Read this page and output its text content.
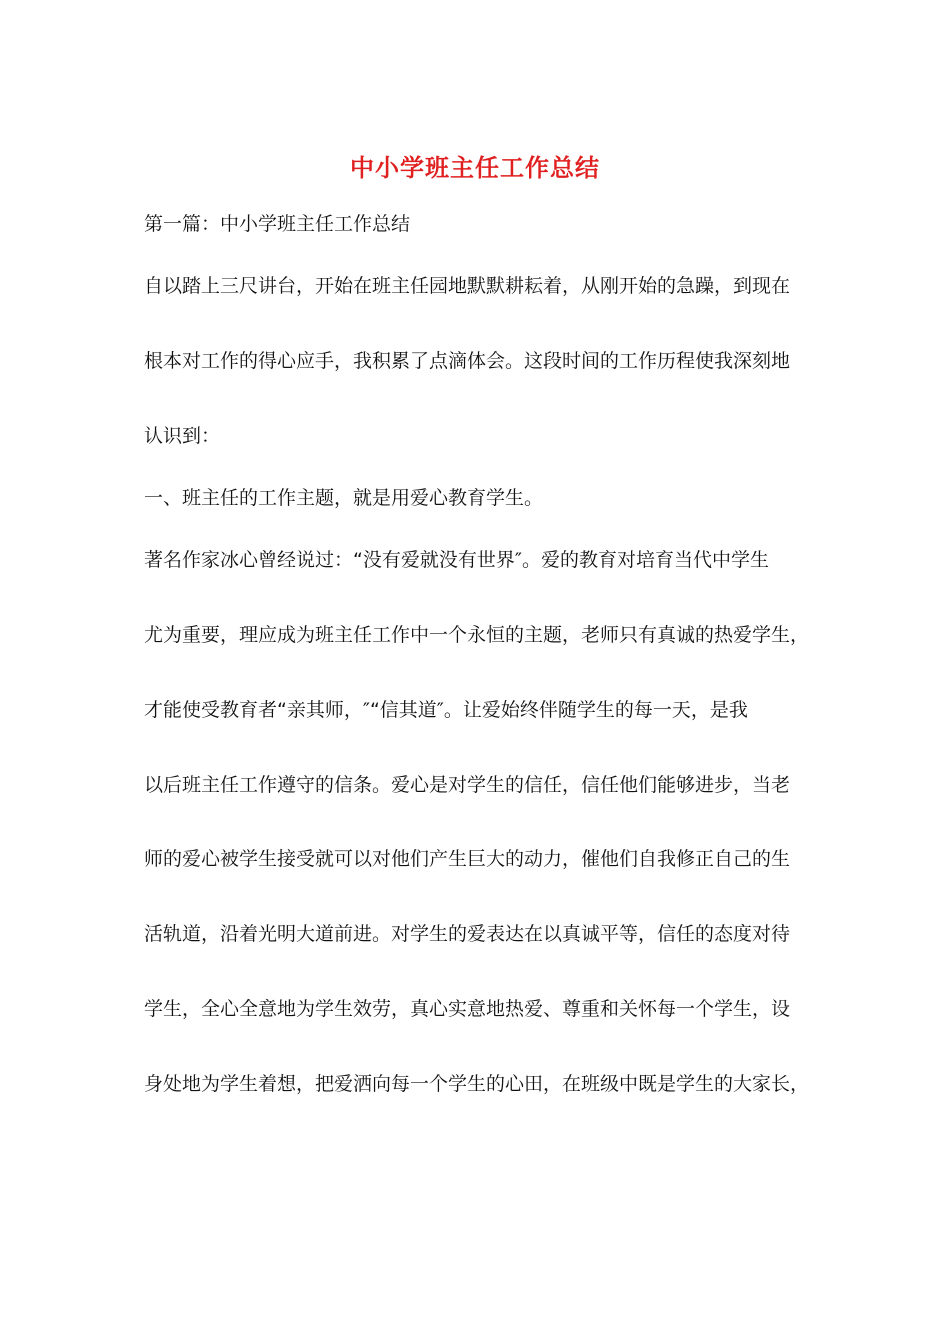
中小学班主任工作总结
第一篇：中小学班主任工作总结
自以踏上三尺讲台，开始在班主任园地默默耕耘着，从刚开始的急躁，到现在
根本对工作的得心应手，我积累了点滴体会。这段时间的工作历程使我深刻地
认识到：
一、班主任的工作主题，就是用爱心教育学生。
著名作家冰心曾经说过：“没有爱就没有世界″。爱的教育对培育当代中学生
尤为重要，理应成为班主任工作中一个永恒的主题，老师只有真诚的热爱学生，
才能使受教育者“亲其师，″“信其道″。让爱始终伴随学生的每一天，是我
以后班主任工作遵守的信条。爱心是对学生的信任，信任他们能够进步，当老
师的爱心被学生接受就可以对他们产生巨大的动力，催他们自我修正自己的生
活轨道，沿着光明大道前进。对学生的爱表达在以真诚平等，信任的态度对待
学生，全心全意地为学生效劳，真心实意地热爱、尊重和关怀每一个学生，设
身处地为学生着想，把爱洒向每一个学生的心田，在班级中既是学生的大家长，
